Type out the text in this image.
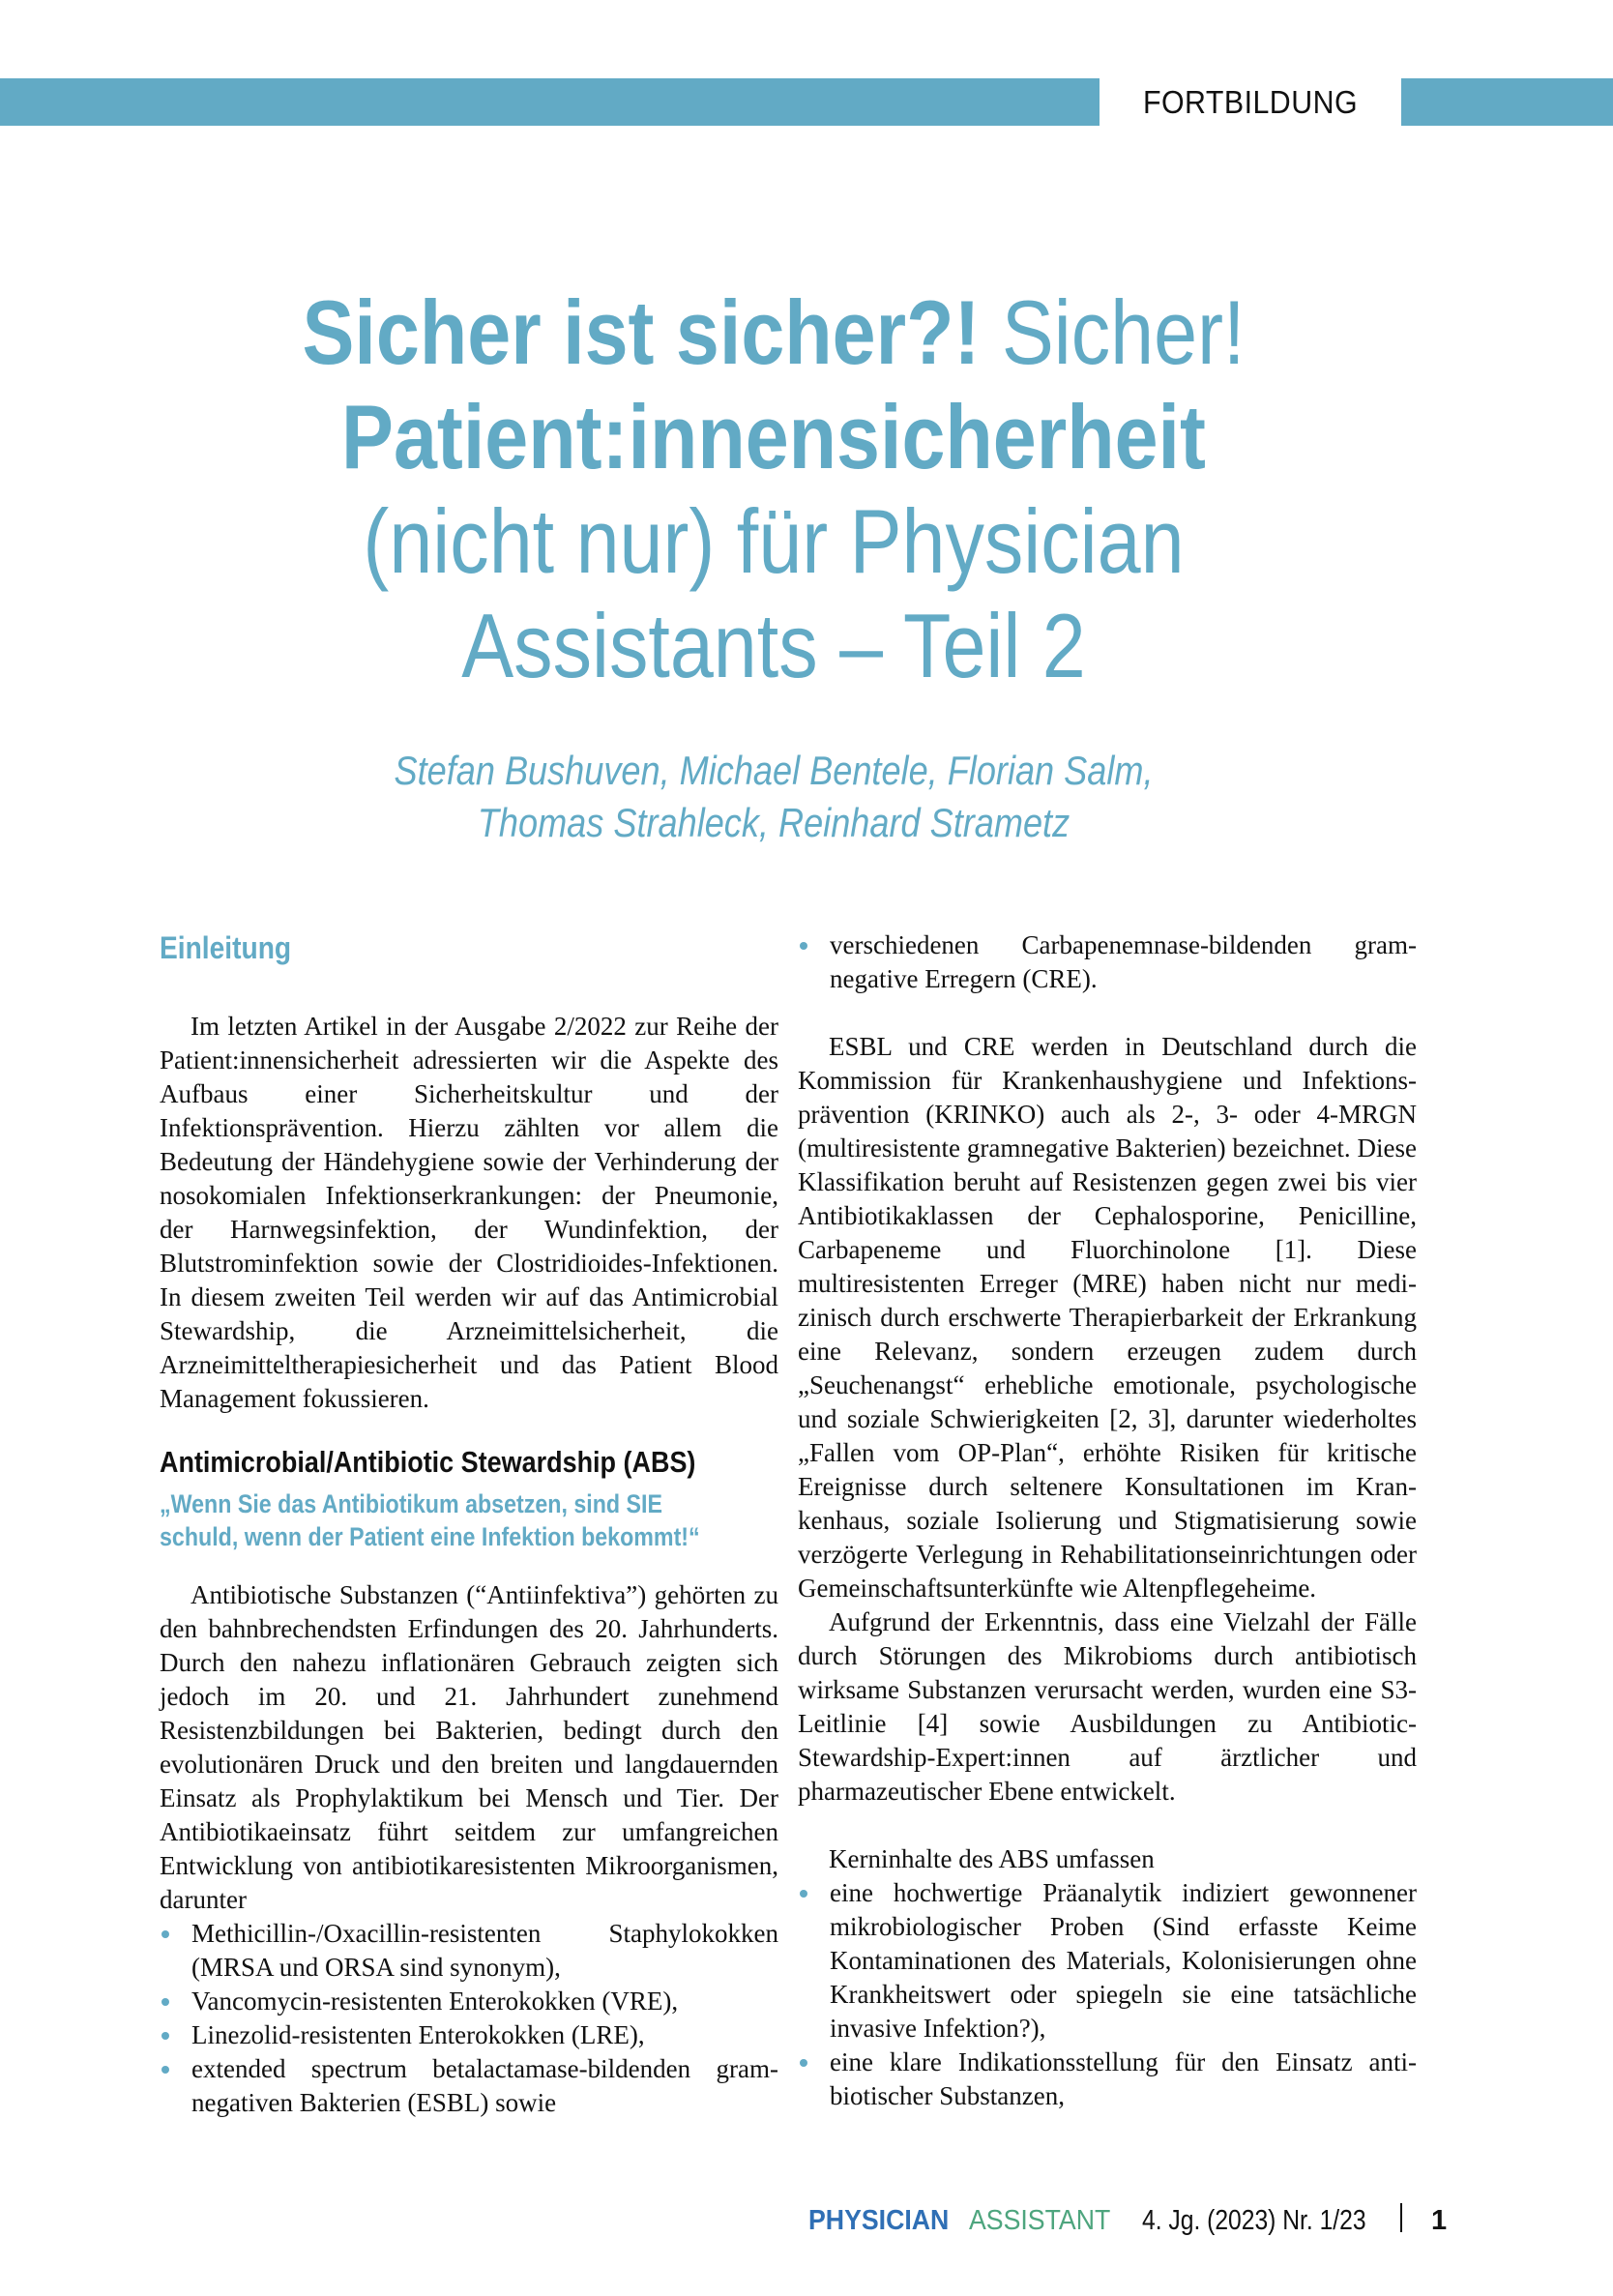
FORTBILDUNG
Sicher ist sicher?! Sicher!
Patient:innensicherheit
(nicht nur) für Physician
Assistants – Teil 2
Stefan Bushuven, Michael Bentele, Florian Salm,
Thomas Strahleck, Reinhard Strametz
Einleitung

Im letzten Artikel in der Ausgabe 2/2022 zur Reihe der Patient:innensicherheit adressierten wir die Aspekte des Aufbaus einer Sicherheitskultur und der Infektionsprävention. Hierzu zählten vor allem die Bedeutung der Händehygiene sowie der Verhinderung der nosokomialen Infektionserkrankungen: der Pneumonie, der Harnwegsinfektion, der Wundinfektion, der Blutstrominfektion sowie der Clostridioides-Infektionen. In diesem zweiten Teil werden wir auf das Antimicrobial Stewardship, die Arzneimittelsicherheit, die Arzneimitteltherapiesicherheit und das Patient Blood Management fokussieren.

Antimicrobial/Antibiotic Stewardship (ABS)
„Wenn Sie das Antibiotikum absetzen, sind SIE
schuld, wenn der Patient eine Infektion bekommt!“

Antibiotische Substanzen (“Antiinfektiva”) gehörten zu den bahnbrechendsten Erfindungen des 20. Jahrhunderts. Durch den nahezu inflationären Gebrauch zeigten sich jedoch im 20. und 21. Jahrhundert zunehmend Resistenzbildungen bei Bakterien, bedingt durch den evolutionären Druck und den breiten und langdauernden Einsatz als Prophylaktikum bei Mensch und Tier. Der Antibiotikaeinsatz führt seitdem zur umfangreichen Entwicklung von antibiotikaresistenten Mikroorganismen, darunter

Methicillin-/Oxacillin-resistenten Staphylokokken (MRSA und ORSA sind synonym),
Vancomycin-resistenten Enterokokken (VRE),
Linezolid-resistenten Enterokokken (LRE),
extended spectrum betalactamase-bildenden gramnegativen Bakterien (ESBL) sowie
verschiedenen Carbapenemnase-bildenden gramnegative Erregern (CRE).

ESBL und CRE werden in Deutschland durch die Kommission für Krankenhaushygiene und Infektionsprävention (KRINKO) auch als 2-, 3- oder 4-MRGN (multiresistente gramnegative Bakterien) bezeichnet. Diese Klassifikation beruht auf Resistenzen gegen zwei bis vier Antibiotikaklassen der Cephalosporine, Penicilline, Carbapeneme und Fluorchinolone [1]. Diese multiresistenten Erreger (MRE) haben nicht nur medizinisch durch erschwerte Therapierbarkeit der Erkrankung eine Relevanz, sondern erzeugen zudem durch „Seuchenangst“ erhebliche emotionale, psychologische und soziale Schwierigkeiten [2, 3], darunter wiederholtes „Fallen vom OP-Plan“, erhöhte Risiken für kritische Ereignisse durch seltenere Konsultationen im Krankenhaus, soziale Isolierung und Stigmatisierung sowie verzögerte Verlegung in Rehabilitationseinrichtungen oder Gemeinschaftsunterkünfte wie Altenpflegeheime.

Aufgrund der Erkenntnis, dass eine Vielzahl der Fälle durch Störungen des Mikrobioms durch antibiotisch wirksame Substanzen verursacht werden, wurden eine S3-Leitlinie [4] sowie Ausbildungen zu Antibiotic-Stewardship-Expert:innen auf ärztlicher und pharmazeutischer Ebene entwickelt.

Kerninhalte des ABS umfassen

eine hochwertige Präanalytik indiziert gewonnener mikrobiologischer Proben (Sind erfasste Keime Kontaminationen des Materials, Kolonisierungen ohne Krankheitswert oder spiegeln sie eine tatsächliche invasive Infektion?),
eine klare Indikationsstellung für den Einsatz antibiotischer Substanzen,
PHYSICIAN ASSISTANT 4. Jg. (2023) Nr. 1/23 1
